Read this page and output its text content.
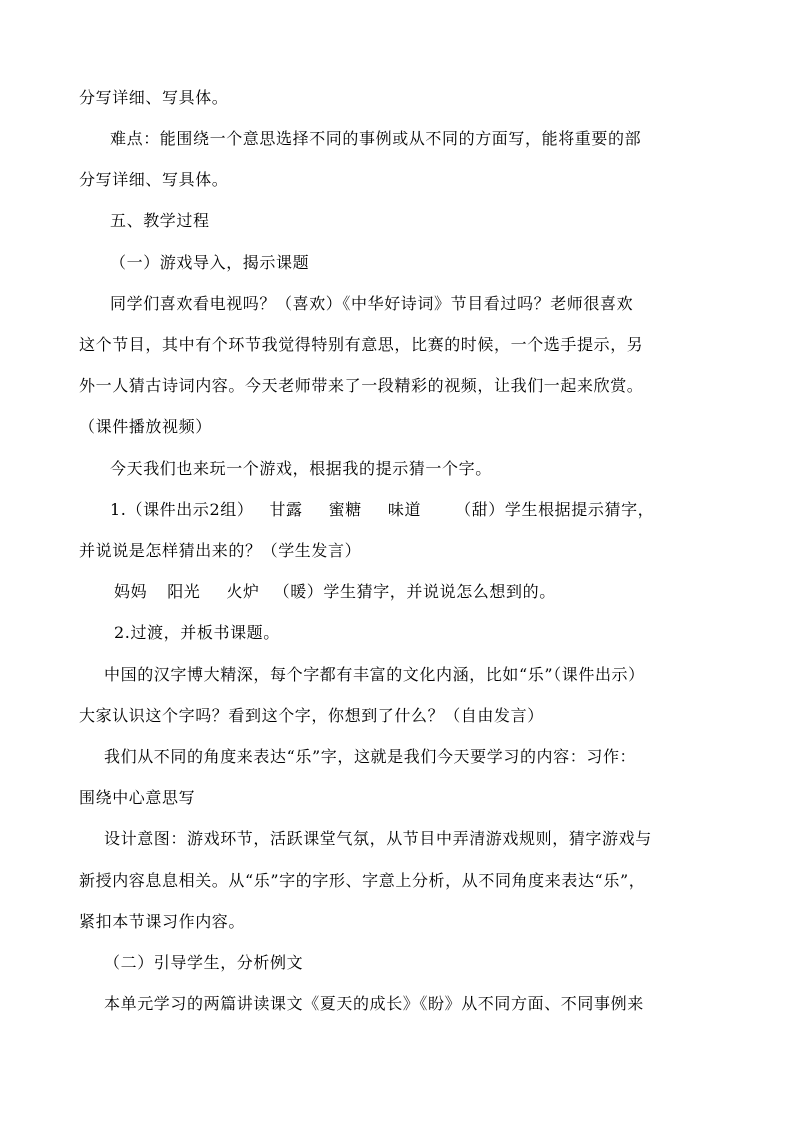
分写详细、写具体。
难点：能围绕一个意思选择不同的事例或从不同的方面写，能将重要的部
分写详细、写具体。
五、教学过程
（一）游戏导入，揭示课题
同学们喜欢看电视吗？（喜欢）《中华好诗词》节目看过吗？老师很喜欢
这个节目，其中有个环节我觉得特别有意思，比赛的时候，一个选手提示，另
外一人猜古诗词内容。今天老师带来了一段精彩的视频，让我们一起来欣赏。
（课件播放视频）
今天我们也来玩一个游戏，根据我的提示猜一个字。
1.（课件出示2组） 甘露 蜜糖 味道 （甜）学生根据提示猜字，
并说说是怎样猜出来的？（学生发言）
妈妈 阳光 火炉 （暖）学生猜字，并说说怎么想到的。
2.过渡，并板书课题。
中国的汉字博大精深，每个字都有丰富的文化内涵，比如“乐”（课件出示）
大家认识这个字吗？看到这个字，你想到了什么？（自由发言）
我们从不同的角度来表达“乐”字，这就是我们今天要学习的内容：习作：
围绕中心意思写
设计意图：游戏环节，活跃课堂气氛，从节目中弄清游戏规则，猜字游戏与
新授内容息息相关。从“乐”字的字形、字意上分析，从不同角度来表达“乐”，
紧扣本节课习作内容。
（二）引导学生，分析例文
本单元学习的两篇讲读课文《夏天的成长》《盼》从不同方面、不同事例来
